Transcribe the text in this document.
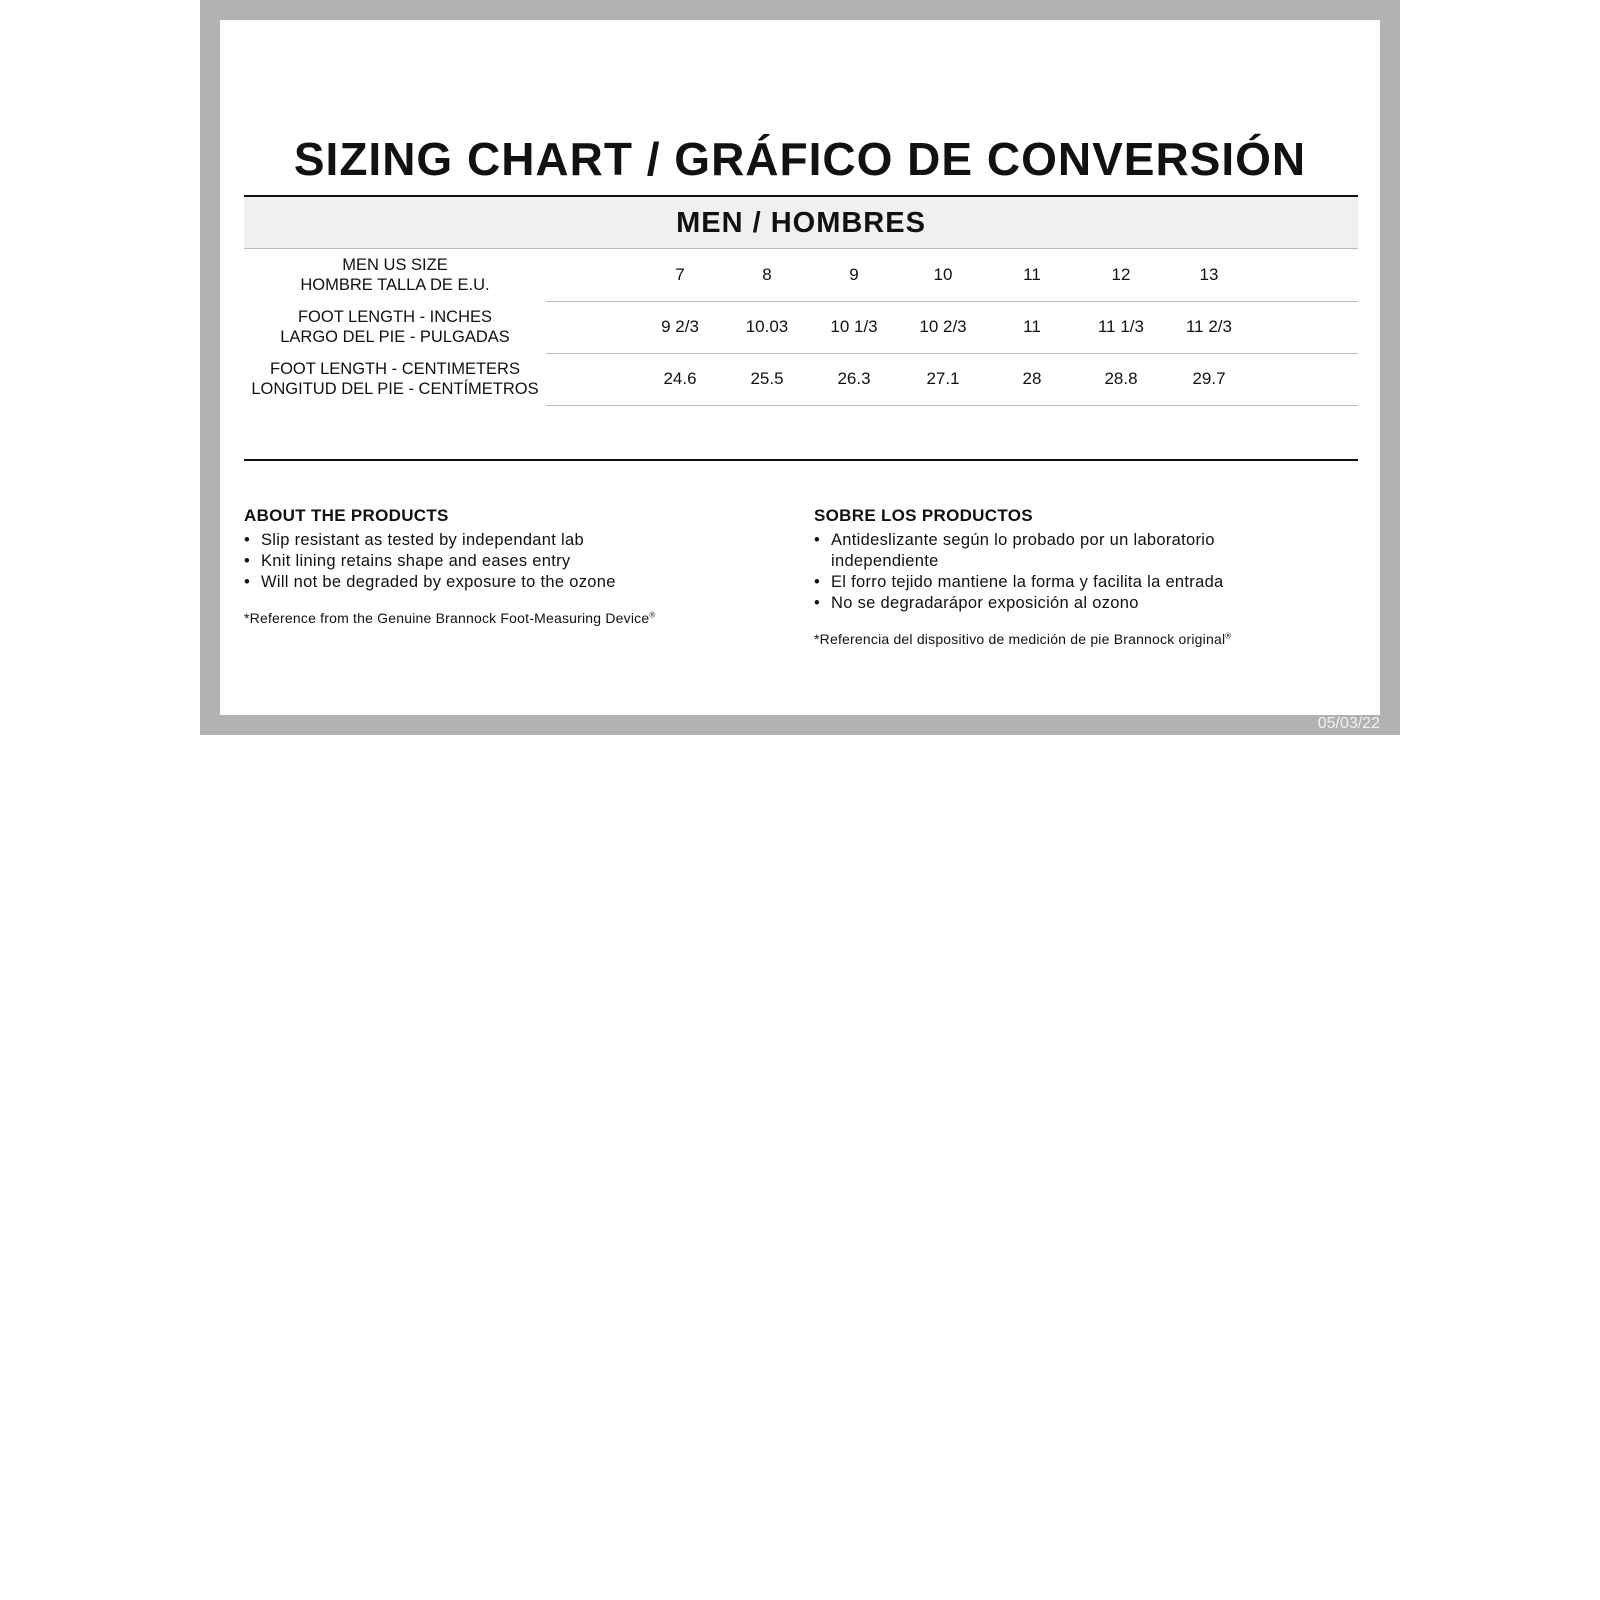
SIZING CHART / GRÁFICO DE CONVERSIÓN
MEN / HOMBRES
MEN US SIZE
HOMBRE TALLA DE E.U.
7	8	9	10	11	12	13
FOOT LENGTH - INCHES
LARGO DEL PIE - PULGADAS
9 2/3	10.03	10 1/3	10 2/3	11	11 1/3	11 2/3
FOOT LENGTH - CENTIMETERS
LONGITUD DEL PIE - CENTÍMETROS
24.6	25.5	26.3	27.1	28	28.8	29.7
ABOUT THE PRODUCTS
• Slip resistant as tested by independant lab
• Knit lining retains shape and eases entry
• Will not be degraded by exposure to the ozone
*Reference from the Genuine Brannock Foot-Measuring Device®
SOBRE LOS PRODUCTOS
• Antideslizante según lo probado por un laboratorio independiente
• El forro tejido mantiene la forma y facilita la entrada
• No se degradarápor exposición al ozono
*Referencia del dispositivo de medición de pie Brannock original®
05/03/22
